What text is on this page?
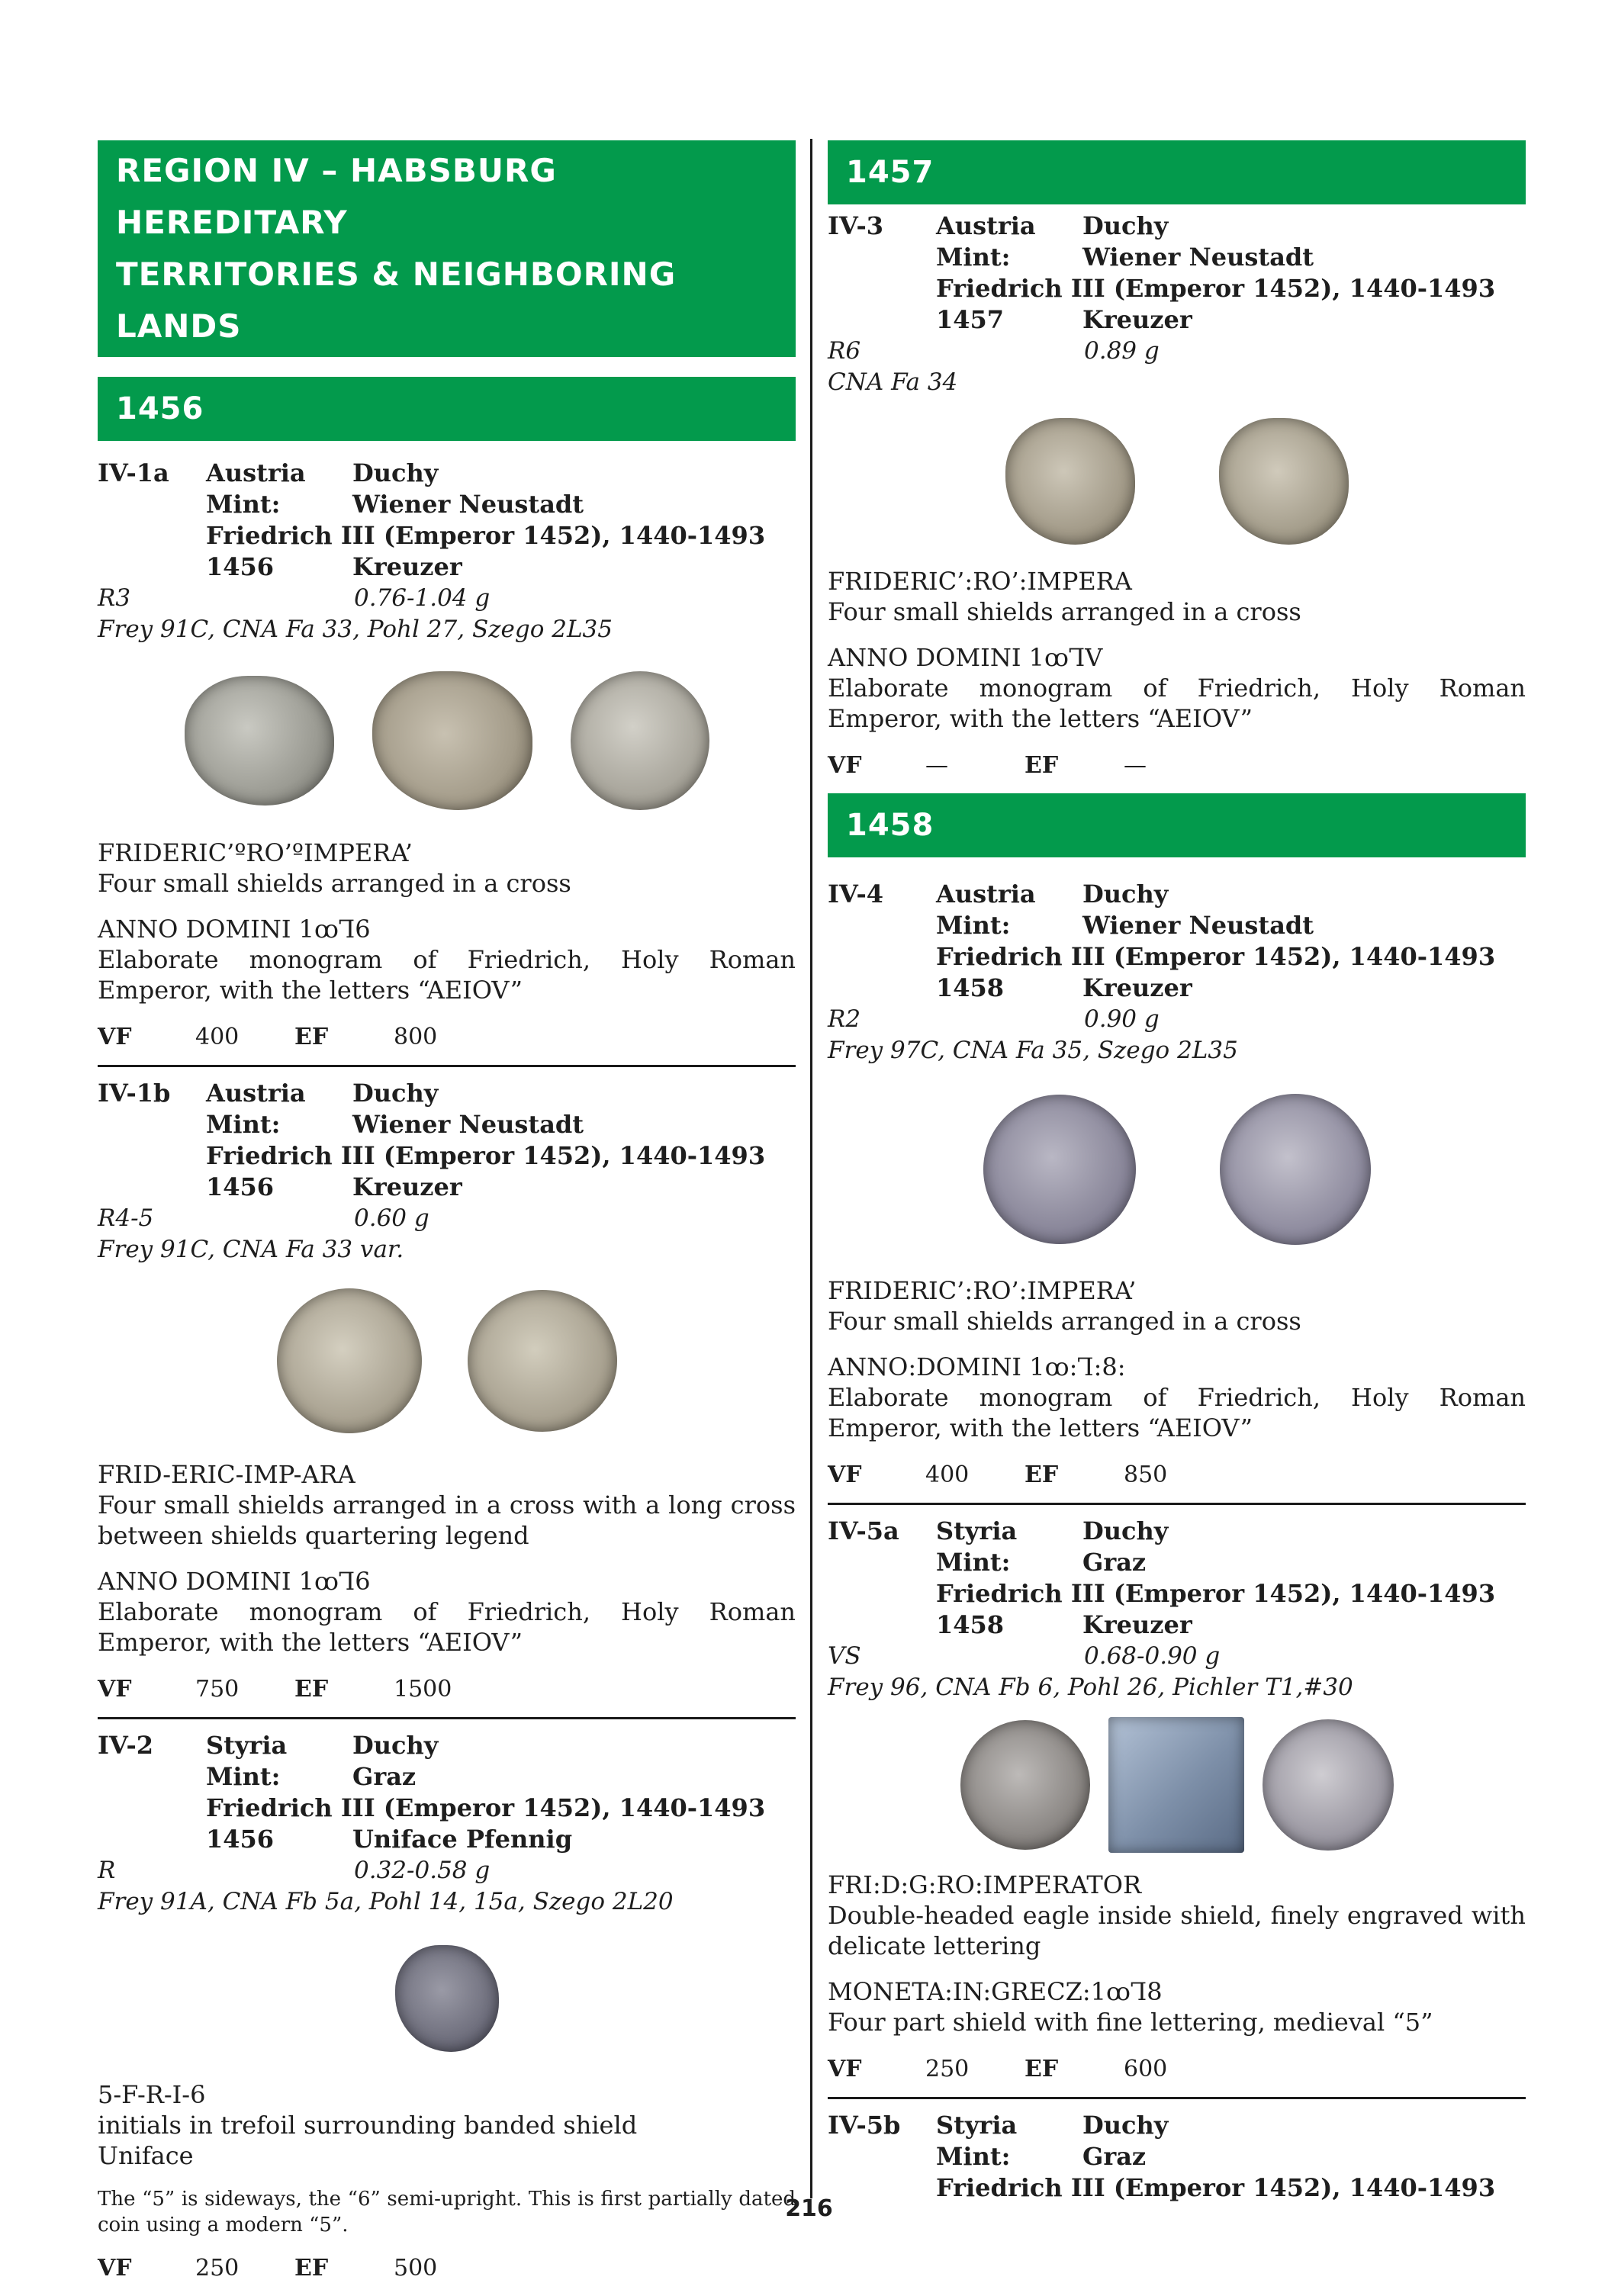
REGION IV – HABSBURG HEREDITARY
TERRITORIES & NEIGHBORING LANDS
1456
IV-1a	Austria	Duchy
Mint:	Wiener Neustadt
Friedrich III (Emperor 1452), 1440-1493
1456	Kreuzer
R3	0.76-1.04 g
Frey 91C, CNA Fa 33, Pohl 27, Szego 2L35

FRIDERIC’ºRO’ºIMPERA’
Four small shields arranged in a cross

ANNO DOMINI 1ꝏꞀ6
Elaborate monogram of Friedrich, Holy Roman Emperor, with the letters “AEIOV”

VF	400	EF	800
IV-1b	Austria	Duchy
Mint:	Wiener Neustadt
Friedrich III (Emperor 1452), 1440-1493
1456	Kreuzer
R4-5	0.60 g
Frey 91C, CNA Fa 33 var.

FRID-ERIC-IMP-ARA
Four small shields arranged in a cross with a long cross between shields quartering legend

ANNO DOMINI 1ꝏꞀ6
Elaborate monogram of Friedrich, Holy Roman Emperor, with the letters “AEIOV”

VF	750	EF	1500
IV-2	Styria	Duchy
Mint:	Graz
Friedrich III (Emperor 1452), 1440-1493
1456	Uniface Pfennig
R	0.32-0.58 g
Frey 91A, CNA Fb 5a, Pohl 14, 15a, Szego 2L20

5-F-R-I-6
initials in trefoil surrounding banded shield
Uniface

The “5” is sideways, the “6” semi-upright. This is first partially dated coin using a modern “5”.
VF	250	EF	500
1457
IV-3	Austria	Duchy
Mint:	Wiener Neustadt
Friedrich III (Emperor 1452), 1440-1493
1457	Kreuzer
R6	0.89 g
CNA Fa 34

FRIDERIC’:RO’:IMPERA
Four small shields arranged in a cross

ANNO DOMINI 1ꝏꞀV
Elaborate monogram of Friedrich, Holy Roman Emperor, with the letters “AEIOV”

VF	—	EF	—
1458
IV-4	Austria	Duchy
Mint:	Wiener Neustadt
Friedrich III (Emperor 1452), 1440-1493
1458	Kreuzer
R2	0.90 g
Frey 97C, CNA Fa 35, Szego 2L35

FRIDERIC’:RO’:IMPERA’
Four small shields arranged in a cross

ANNO:DOMINI 1ꝏ:Ꞁ:8:
Elaborate monogram of Friedrich, Holy Roman Emperor, with the letters “AEIOV”

VF	400	EF	850
IV-5a	Styria	Duchy
Mint:	Graz
Friedrich III (Emperor 1452), 1440-1493
1458	Kreuzer
VS	0.68-0.90 g
Frey 96, CNA Fb 6, Pohl 26, Pichler T1,#30

FRI:D:G:RO:IMPERATOR
Double-headed eagle inside shield, finely engraved with delicate lettering

MONETA:IN:GRECZ:1ꝏꞀ8
Four part shield with fine lettering, medieval “5”

VF	250	EF	600
IV-5b	Styria	Duchy
Mint:	Graz
Friedrich III (Emperor 1452), 1440-1493
216
